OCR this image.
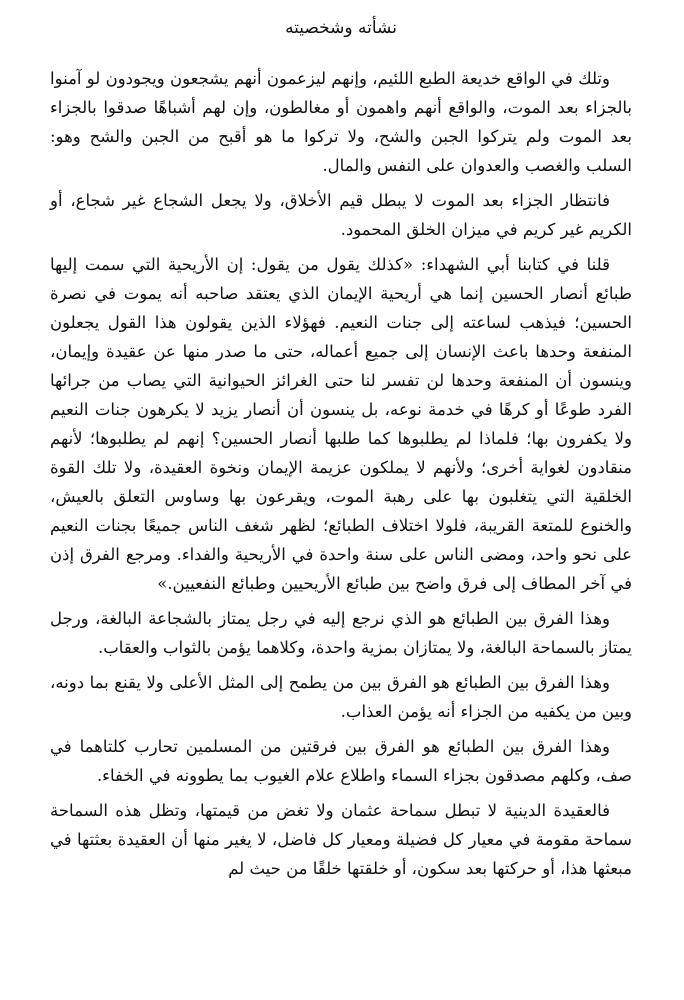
نشأته وشخصيته

وتلك في الواقع خديعة الطبع اللئيم، وإنهم ليزعمون أنهم يشجعون ويجودون لو آمنوا بالجزاء بعد الموت، والواقع أنهم واهمون أو مغالطون، وإن لهم أشباهًا صدقوا بالجزاء بعد الموت ولم يتركوا الجبن والشح، ولا تركوا ما هو أقبح من الجبن والشح وهو: السلب والغصب والعدوان على النفس والمال.

فانتظار الجزاء بعد الموت لا يبطل قيم الأخلاق، ولا يجعل الشجاع غير شجاع، أو الكريم غير كريم في ميزان الخلق المحمود.

قلنا في كتابنا أبي الشهداء: «كذلك يقول من يقول: إن الأريحية التي سمت إليها طبائع أنصار الحسين إنما هي أريحية الإيمان الذي يعتقد صاحبه أنه يموت في نصرة الحسين؛ فيذهب لساعته إلى جنات النعيم. فهؤلاء الذين يقولون هذا القول يجعلون المنفعة وحدها باعث الإنسان إلى جميع أعماله، حتى ما صدر منها عن عقيدة وإيمان، وينسون أن المنفعة وحدها لن تفسر لنا حتى الغرائز الحيوانية التي يصاب من جرائها الفرد طوعًا أو كرهًا في خدمة نوعه، بل ينسون أن أنصار يزيد لا يكرهون جنات النعيم ولا يكفرون بها؛ فلماذا لم يطلبوها كما طلبها أنصار الحسين؟ إنهم لم يطلبوها؛ لأنهم منقادون لغواية أخرى؛ ولأنهم لا يملكون عزيمة الإيمان ونخوة العقيدة، ولا تلك القوة الخلقية التي يتغلبون بها على رهبة الموت، ويقرعون بها وساوس التعلق بالعيش، والخنوع للمتعة القريبة، فلولا اختلاف الطبائع؛ لظهر شغف الناس جميعًا بجنات النعيم على نحو واحد، ومضى الناس على سنة واحدة في الأريحية والفداء. ومرجع الفرق إذن في آخر المطاف إلى فرق واضح بين طبائع الأريحيين وطبائع النفعيين.»

وهذا الفرق بين الطبائع هو الذي نرجع إليه في رجل يمتاز بالشجاعة البالغة، ورجل يمتاز بالسماحة البالغة، ولا يمتازان بمزية واحدة، وكلاهما يؤمن بالثواب والعقاب.

وهذا الفرق بين الطبائع هو الفرق بين من يطمح إلى المثل الأعلى ولا يقنع بما دونه، وبين من يكفيه من الجزاء أنه يؤمن العذاب.

وهذا الفرق بين الطبائع هو الفرق بين فرقتين من المسلمين تحارب كلتاهما في صف، وكلهم مصدقون بجزاء السماء واطلاع علام الغيوب بما يطوونه في الخفاء.

فالعقيدة الدينية لا تبطل سماحة عثمان ولا تغض من قيمتها، وتظل هذه السماحة سماحة مقومة في معيار كل فضيلة ومعيار كل فاضل، لا يغير منها أن العقيدة بعثتها في مبعثها هذا، أو حركتها بعد سكون، أو خلقتها خلقًا من حيث لم
